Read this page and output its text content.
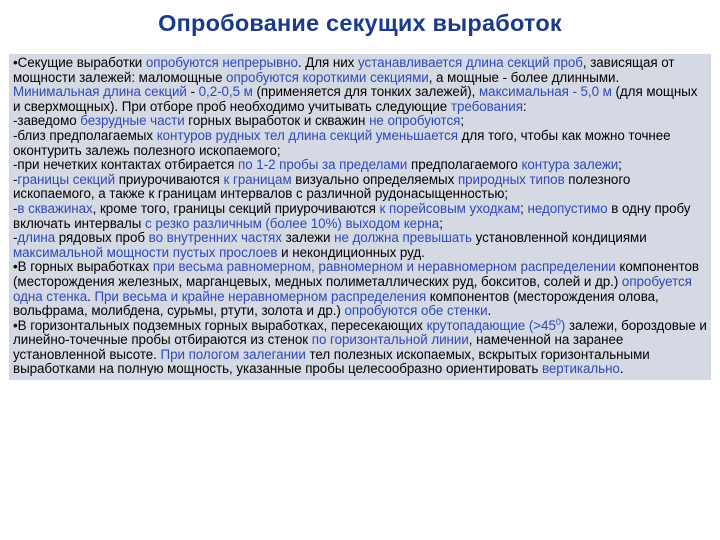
Опробование секущих выработок

•Секущие выработки опробуются непрерывно. Для них устанавливается длина секций проб, зависящая от мощности залежей: маломощные опробуются короткими секциями, а мощные - более длинными. Минимальная длина секций - 0,2-0,5 м (применяется для тонких залежей), максимальная - 5,0 м (для мощных и сверхмощных). При отборе проб необходимо учитывать следующие требования:

-заведомо безрудные части горных выработок и скважин не опробуются;

-близ предполагаемых контуров рудных тел длина секций уменьшается для того, чтобы как можно точнее оконтурить залежь полезного ископаемого;

-при нечетких контактах отбирается по 1-2 пробы за пределами предполагаемого контура залежи;

-границы секций приурочиваются к границам визуально определяемых природных типов полезного ископаемого, а также к границам интервалов с различной рудонасыщенностью;

-в скважинах, кроме того, границы секций приурочиваются к порейсовым уходкам; недопустимо в одну пробу включать интервалы с резко различным (более 10%) выходом керна;

-длина рядовых проб во внутренних частях залежи не должна превышать установленной кондициями максимальной мощности пустых прослоев и некондиционных руд.

•В горных выработках при весьма равномерном, равномерном и неравномерном распределении компонентов (месторождения железных, марганцевых, медных полиметаллических руд, бокситов, солей и др.) опробуется одна стенка. При весьма и крайне неравномерном распределения компонентов (месторождения олова, вольфрама, молибдена, сурьмы, ртути, золота и др.) опробуются обе стенки.

•В горизонтальных подземных горных выработках, пересекающих крутопадающие $(>45^0)$ залежи, бороздовые и линейно-точечные пробы отбираются из стенок по горизонтальной линии, намеченной на заранее установленной высоте. При пологом залегании тел полезных ископаемых, вскрытых горизонтальными выработками на полную мощность, указанные пробы целесообразно ориентировать вертикально.
